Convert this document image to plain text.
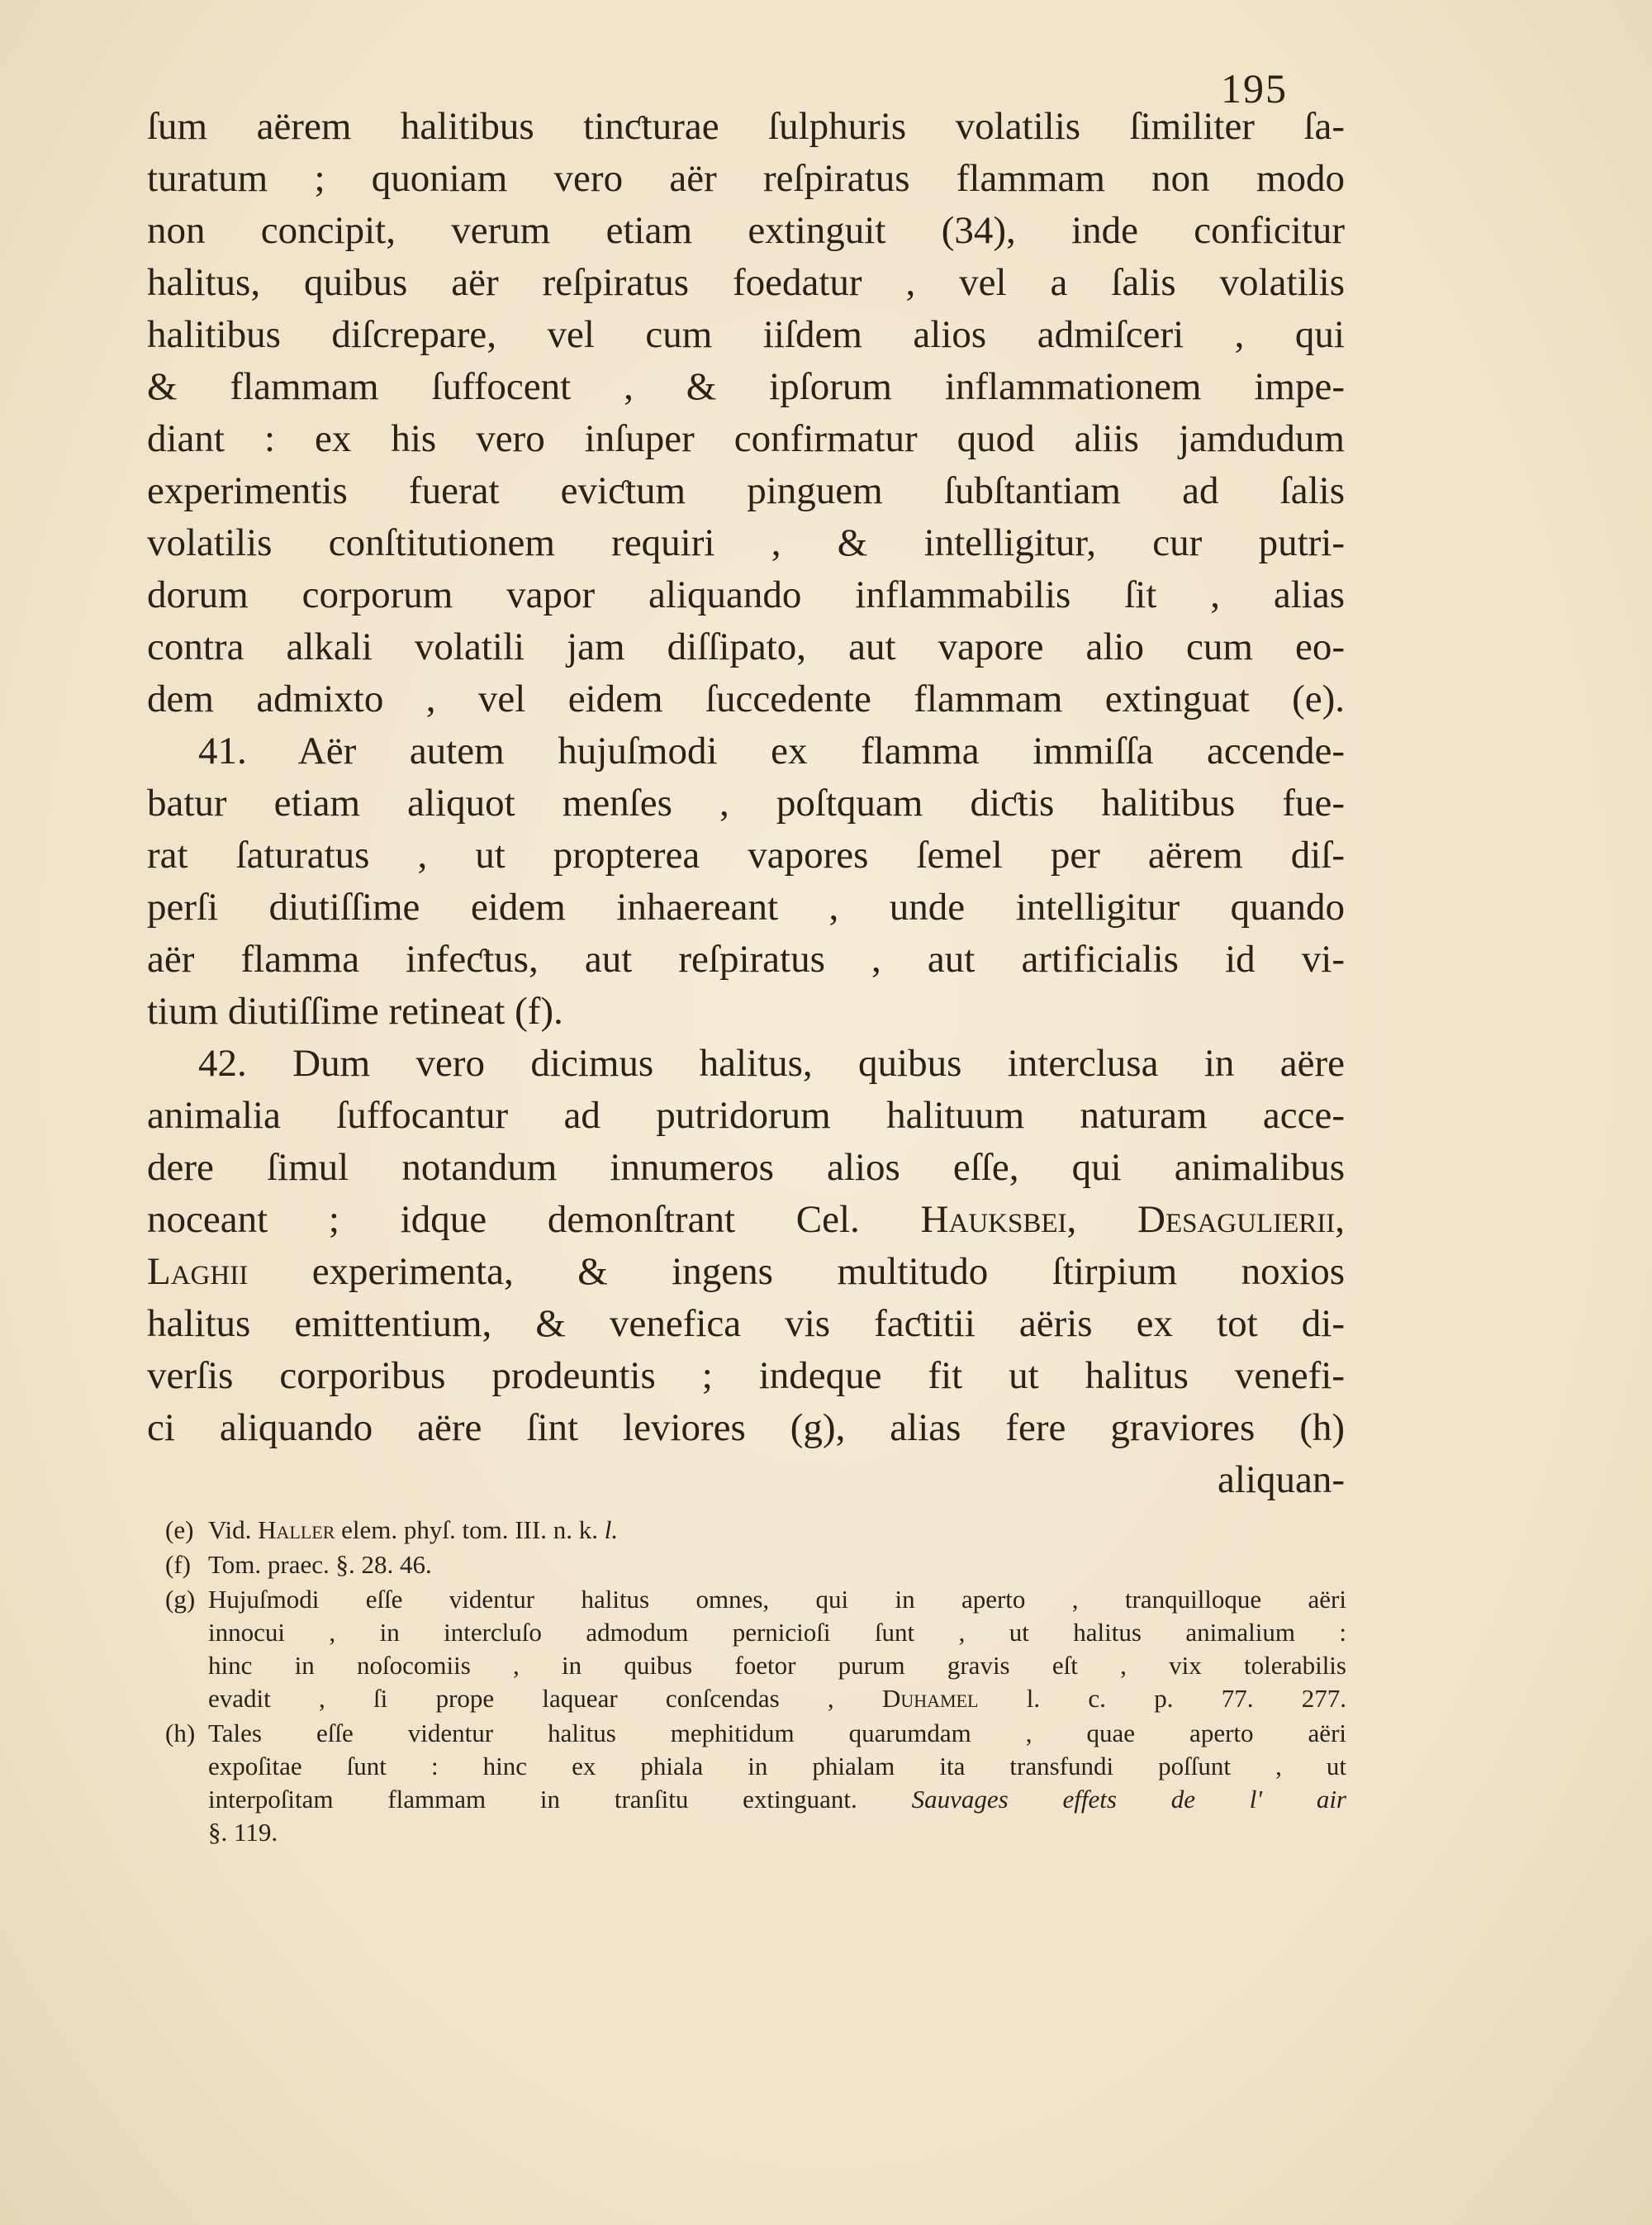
195
ſum aërem halitibus tinƈturae ſulphuris volatilis ſimiliter ſa-
turatum ; quoniam vero aër reſpiratus flammam non modo
non concipit, verum etiam extinguit (34), inde conficitur
halitus, quibus aër reſpiratus foedatur , vel a ſalis volatilis
halitibus diſcrepare, vel cum iiſdem alios admiſceri , qui
& flammam ſuffocent , & ipſorum inflammationem impe-
diant : ex his vero inſuper confirmatur quod aliis jamdudum
experimentis fuerat eviƈtum pinguem ſubſtantiam ad ſalis
volatilis conſtitutionem requiri , & intelligitur, cur putri-
dorum corporum vapor aliquando inflammabilis ſit , alias
contra alkali volatili jam diſſipato, aut vapore alio cum eo-
dem admixto , vel eidem ſuccedente flammam extinguat (e).
41. Aër autem hujuſmodi ex flamma immiſſa accende-
batur etiam aliquot menſes , poſtquam diƈtis halitibus fue-
rat ſaturatus , ut propterea vapores ſemel per aërem diſ-
perſi diutiſſime eidem inhaereant , unde intelligitur quando
aër flamma infeƈtus, aut reſpiratus , aut artificialis id vi-
tium diutiſſime retineat (f).
42. Dum vero dicimus halitus, quibus interclusa in aëre
animalia ſuffocantur ad putridorum halituum naturam acce-
dere ſimul notandum innumeros alios eſſe, qui animalibus
noceant ; idque demonſtrant Cel. Hauksbei, Desagulierii,
Laghii experimenta, & ingens multitudo ſtirpium noxios
halitus emittentium, & venefica vis faƈtitii aëris ex tot di-
verſis corporibus prodeuntis ; indeque fit ut halitus venefi-
ci aliquando aëre ſint leviores (g), alias fere graviores (h)
aliquan-
(e) Vid. Haller elem. phyſ. tom. III. n. k. l.
(f) Tom. praec. §. 28. 46.
(g) Hujuſmodi eſſe videntur halitus omnes, qui in aperto , tranquilloque aëri
innocui , in intercluſo admodum pernicioſi ſunt , ut halitus animalium :
hinc in noſocomiis , in quibus foetor purum gravis eſt , vix tolerabilis
evadit , ſi prope laquear conſcendas , Duhamel l. c. p. 77. 277.
(h) Tales eſſe videntur halitus mephitidum quarumdam , quae aperto aëri
expoſitae ſunt : hinc ex phiala in phialam ita transfundi poſſunt , ut
interpoſitam flammam in tranſitu extinguant. Sauvages effets de l' air
§. 119.
